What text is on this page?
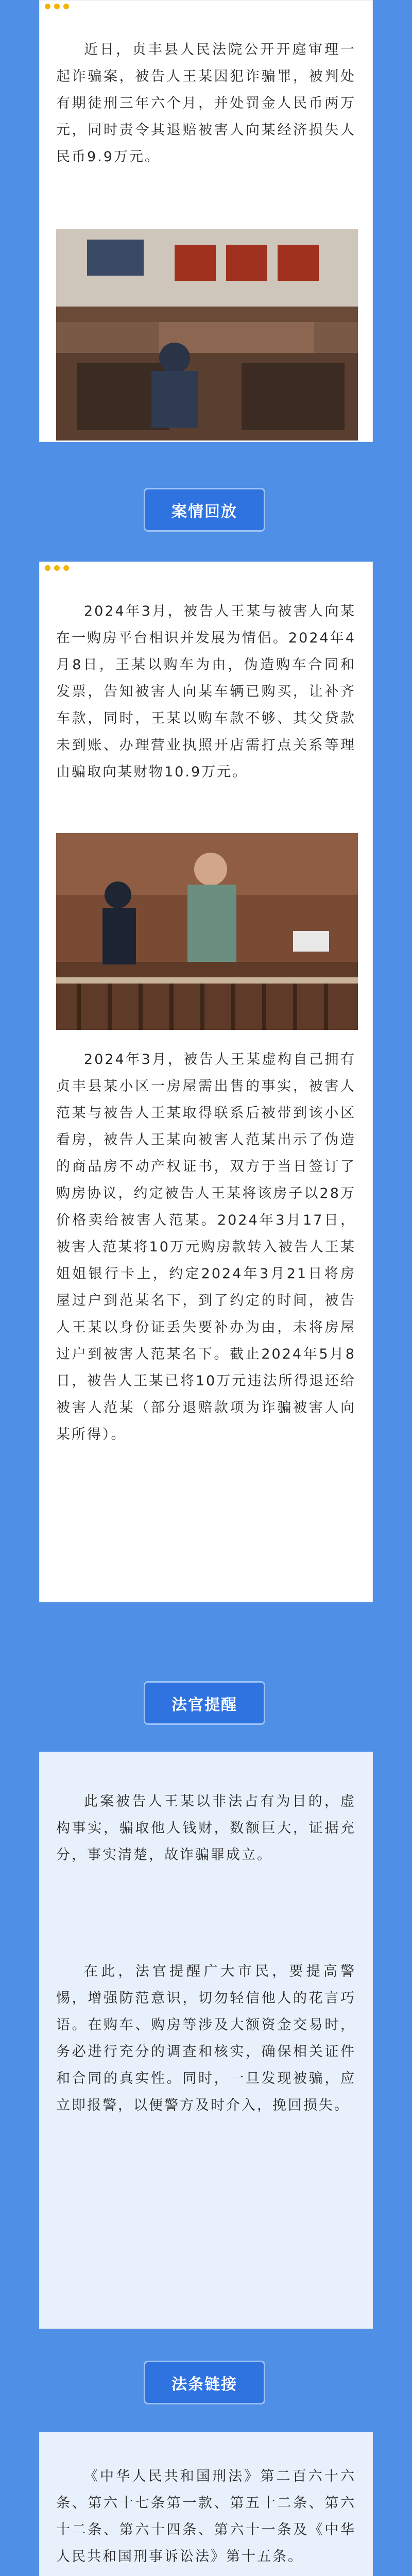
近日，贞丰县人民法院公开开庭审理一起诈骗案，被告人王某因犯诈骗罪，被判处有期徒刑三年六个月，并处罚金人民币两万元，同时责令其退赔被害人向某经济损失人民币9.9万元。

案情回放

2024年3月，被告人王某与被害人向某在一购房平台相识并发展为情侣。2024年4月8日，王某以购车为由，伪造购车合同和发票，告知被害人向某车辆已购买，让补齐车款，同时，王某以购车款不够、其父贷款未到账、办理营业执照开店需打点关系等理由骗取向某财物10.9万元。

2024年3月，被告人王某虚构自己拥有贞丰县某小区一房屋需出售的事实，被害人范某与被告人王某取得联系后被带到该小区看房，被告人王某向被害人范某出示了伪造的商品房不动产权证书，双方于当日签订了购房协议，约定被告人王某将该房子以28万价格卖给被害人范某。2024年3月17日，被害人范某将10万元购房款转入被告人王某姐姐银行卡上，约定2024年3月21日将房屋过户到范某名下，到了约定的时间，被告人王某以身份证丢失要补办为由，未将房屋过户到被害人范某名下。截止2024年5月8日，被告人王某已将10万元违法所得退还给被害人范某（部分退赔款项为诈骗被害人向某所得）。

法官提醒

此案被告人王某以非法占有为目的，虚构事实，骗取他人钱财，数额巨大，证据充分，事实清楚，故诈骗罪成立。

在此，法官提醒广大市民，要提高警惕，增强防范意识，切勿轻信他人的花言巧语。在购车、购房等涉及大额资金交易时，务必进行充分的调查和核实，确保相关证件和合同的真实性。同时，一旦发现被骗，应立即报警，以便警方及时介入，挽回损失。

法条链接

《中华人民共和国刑法》第二百六十六条、第六十七条第一款、第五十二条、第六十二条、第六十四条、第六十一条及《中华人民共和国刑事诉讼法》第十五条。
